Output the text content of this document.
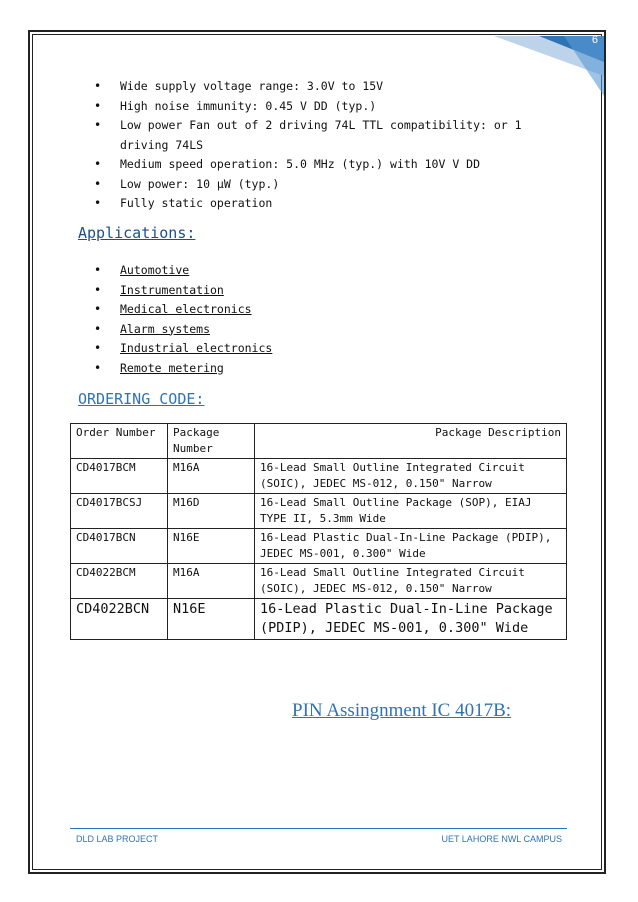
6
• Wide supply voltage range: 3.0V to 15V
• High noise immunity: 0.45 V DD (typ.)
• Low power Fan out of 2 driving 74L TTL compatibility: or 1 driving 74LS
• Medium speed operation: 5.0 MHz (typ.) with 10V V DD
• Low power: 10 μW (typ.)
• Fully static operation
Applications:
• Automotive
• Instrumentation
• Medical electronics
• Alarm systems
• Industrial electronics
• Remote metering
ORDERING CODE:
Order Number	Package Number	Package Description
CD4017BCM	M16A	16-Lead Small Outline Integrated Circuit (SOIC), JEDEC MS-012, 0.150" Narrow
CD4017BCSJ	M16D	16-Lead Small Outline Package (SOP), EIAJ TYPE II, 5.3mm Wide
CD4017BCN	N16E	16-Lead Plastic Dual-In-Line Package (PDIP), JEDEC MS-001, 0.300" Wide
CD4022BCM	M16A	16-Lead Small Outline Integrated Circuit (SOIC), JEDEC MS-012, 0.150" Narrow
CD4022BCN	N16E	16-Lead Plastic Dual-In-Line Package (PDIP), JEDEC MS-001, 0.300" Wide
PIN Assingnment IC 4017B:
DLD LAB PROJECT	UET LAHORE NWL CAMPUS
